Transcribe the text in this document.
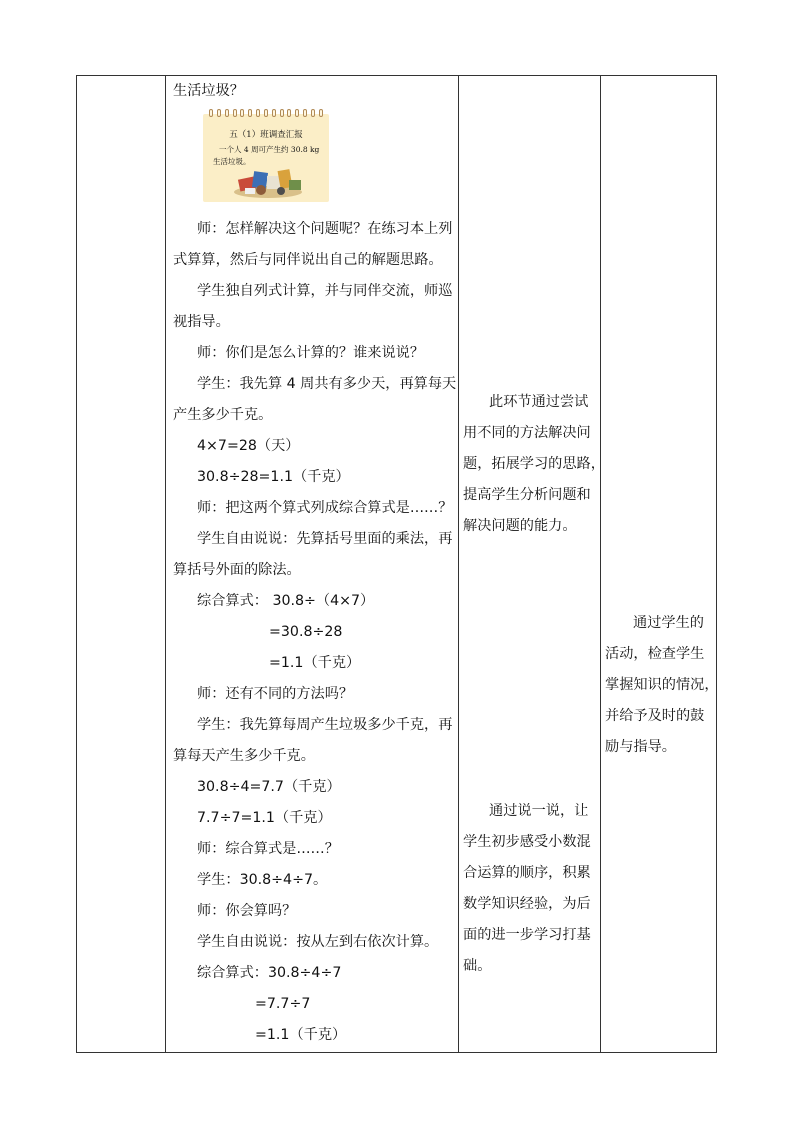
生活垃圾？
五（1）班调查汇报
一个人 4 周可产生约 30.8 kg
生活垃圾。
师：怎样解决这个问题呢？在练习本上列
式算算，然后与同伴说出自己的解题思路。
学生独自列式计算，并与同伴交流，师巡
视指导。
师：你们是怎么计算的？谁来说说？
学生：我先算 4 周共有多少天，再算每天
产生多少千克。
4×7=28（天）
30.8÷28=1.1（千克）
师：把这两个算式列成综合算式是……？
学生自由说说：先算括号里面的乘法，再
算括号外面的除法。
综合算式： 30.8÷（4×7）
=30.8÷28
=1.1（千克）
师：还有不同的方法吗？
学生：我先算每周产生垃圾多少千克，再
算每天产生多少千克。
30.8÷4=7.7（千克）
7.7÷7=1.1（千克）
师：综合算式是……？
学生：30.8÷4÷7。
师：你会算吗？
学生自由说说：按从左到右依次计算。
综合算式：30.8÷4÷7
=7.7÷7
=1.1（千克）
此环节通过尝试
用不同的方法解决问
题，拓展学习的思路，
提高学生分析问题和
解决问题的能力。
通过说一说，让
学生初步感受小数混
合运算的顺序，积累
数学知识经验，为后
面的进一步学习打基
础。
通过学生的
活动，检查学生
掌握知识的情况，
并给予及时的鼓
励与指导。
